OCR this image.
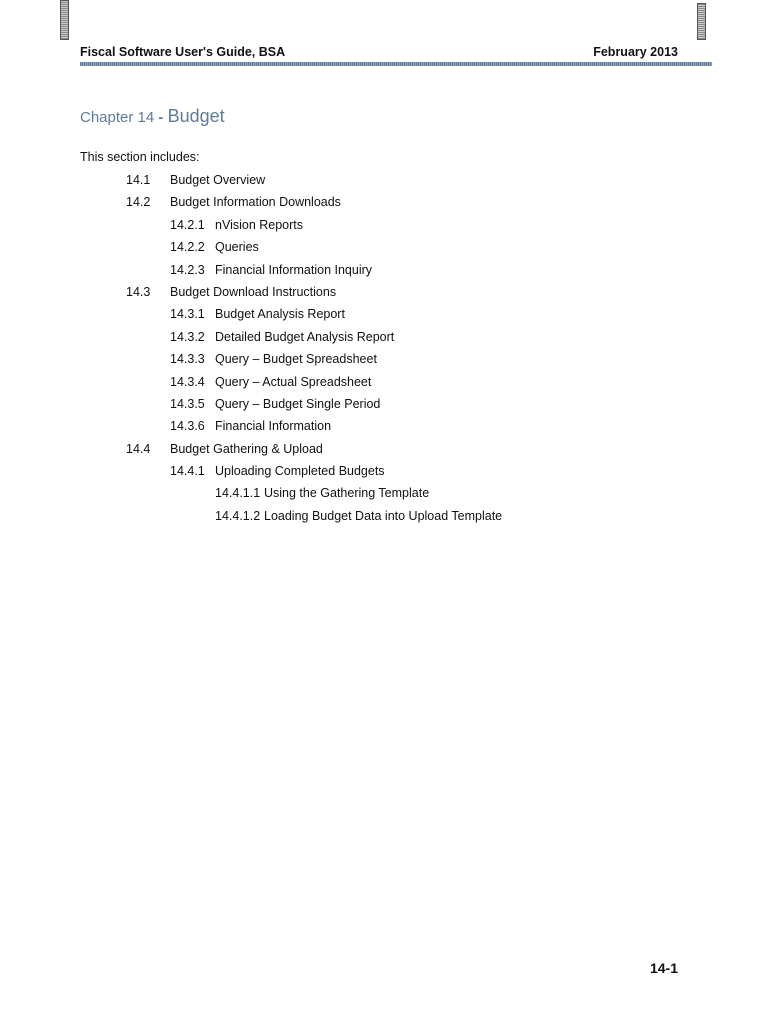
Fiscal Software User's Guide, BSA	February 2013
Chapter 14 - Budget
This section includes:
14.1 Budget Overview
14.2 Budget Information Downloads
14.2.1 nVision Reports
14.2.2 Queries
14.2.3 Financial Information Inquiry
14.3 Budget Download Instructions
14.3.1 Budget Analysis Report
14.3.2 Detailed Budget Analysis Report
14.3.3 Query – Budget Spreadsheet
14.3.4 Query – Actual Spreadsheet
14.3.5 Query – Budget Single Period
14.3.6 Financial Information
14.4 Budget Gathering & Upload
14.4.1 Uploading Completed Budgets
14.4.1.1 Using the Gathering Template
14.4.1.2 Loading Budget Data into Upload Template
14-1
